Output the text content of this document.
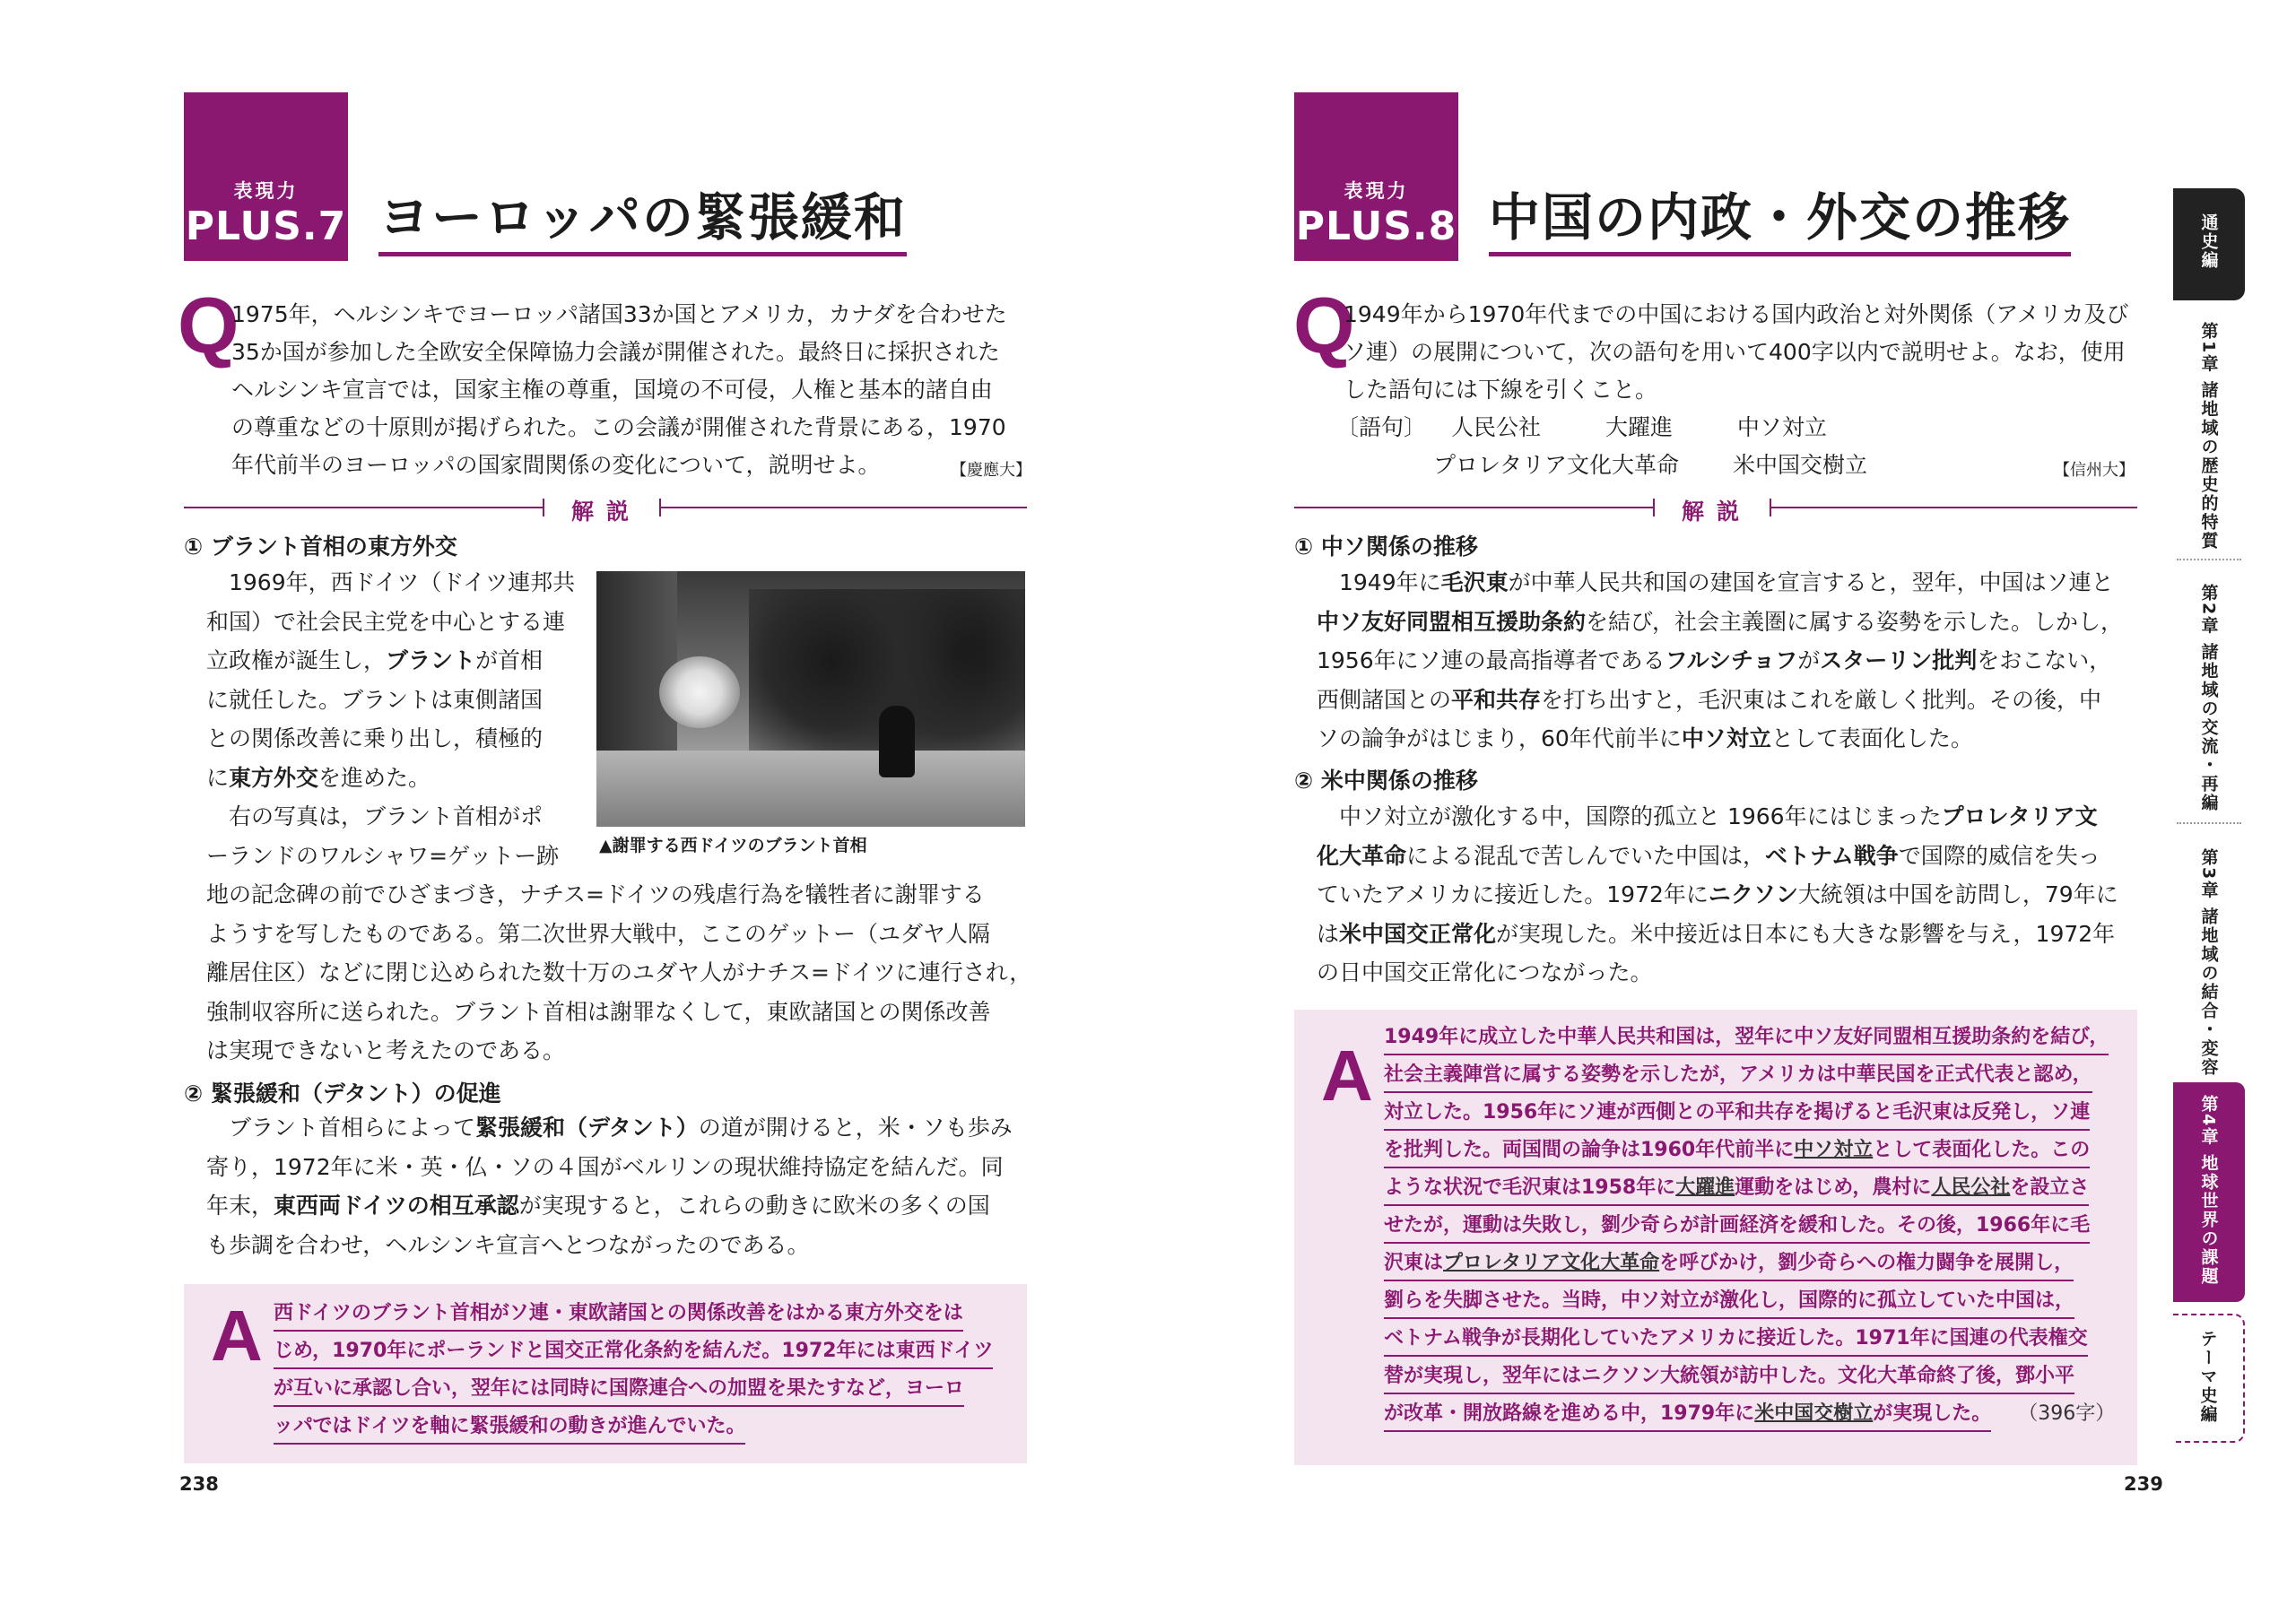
表現力
PLUS.7 ヨーロッパの緊張緩和
Q
1975年，ヘルシンキでヨーロッパ諸国33か国とアメリカ，カナダを合わせた
35か国が参加した全欧安全保障協力会議が開催された。最終日に採択された
ヘルシンキ宣言では，国家主権の尊重，国境の不可侵，人権と基本的諸自由
の尊重などの十原則が掲げられた。この会議が開催された背景にある，1970
年代前半のヨーロッパの国家間関係の変化について，説明せよ。	【慶應大】
解説
① ブラント首相の東方外交
1969年，西ドイツ（ドイツ連邦共
和国）で社会民主党を中心とする連
立政権が誕生し，ブラントが首相
に就任した。ブラントは東側諸国
との関係改善に乗り出し，積極的
に東方外交を進めた。
右の写真は，ブラント首相がポ
ーランドのワルシャワ=ゲットー跡
地の記念碑の前でひざまづき，ナチス=ドイツの残虐行為を犠牲者に謝罪する
ようすを写したものである。第二次世界大戦中，ここのゲットー（ユダヤ人隔
離居住区）などに閉じ込められた数十万のユダヤ人がナチス=ドイツに連行され，
強制収容所に送られた。ブラント首相は謝罪なくして，東欧諸国との関係改善
は実現できないと考えたのである。
▲謝罪する西ドイツのブラント首相
② 緊張緩和（デタント）の促進
ブラント首相らによって緊張緩和（デタント）の道が開けると，米・ソも歩み
寄り，1972年に米・英・仏・ソの４国がベルリンの現状維持協定を結んだ。同
年末，東西両ドイツの相互承認が実現すると，これらの動きに欧米の多くの国
も歩調を合わせ，ヘルシンキ宣言へとつながったのである。
A 西ドイツのブラント首相がソ連・東欧諸国との関係改善をはかる東方外交をは
じめ，1970年にポーランドと国交正常化条約を結んだ。1972年には東西ドイツ
が互いに承認し合い，翌年には同時に国際連合への加盟を果たすなど，ヨーロ
ッパではドイツを軸に緊張緩和の動きが進んでいた。
238
表現力
PLUS.8 中国の内政・外交の推移
Q
1949年から1970年代までの中国における国内政治と対外関係（アメリカ及び
ソ連）の展開について，次の語句を用いて400字以内で説明せよ。なお，使用
した語句には下線を引くこと。
〔語句〕 人民公社	大躍進	中ソ対立
プロレタリア文化大革命 米中国交樹立	【信州大】
解説
① 中ソ関係の推移
1949年に毛沢東が中華人民共和国の建国を宣言すると，翌年，中国はソ連と
中ソ友好同盟相互援助条約を結び，社会主義圏に属する姿勢を示した。しかし，
1956年にソ連の最高指導者であるフルシチョフがスターリン批判をおこない，
西側諸国との平和共存を打ち出すと，毛沢東はこれを厳しく批判。その後，中
ソの論争がはじまり，60年代前半に中ソ対立として表面化した。
② 米中関係の推移
中ソ対立が激化する中，国際的孤立と 1966年にはじまったプロレタリア文
化大革命による混乱で苦しんでいた中国は，ベトナム戦争で国際的威信を失っ
ていたアメリカに接近した。1972年にニクソン大統領は中国を訪問し，79年に
は米中国交正常化が実現した。米中接近は日本にも大きな影響を与え，1972年
の日中国交正常化につながった。
A 1949年に成立した中華人民共和国は，翌年に中ソ友好同盟相互援助条約を結び，
社会主義陣営に属する姿勢を示したが，アメリカは中華民国を正式代表と認め，
対立した。1956年にソ連が西側との平和共存を掲げると毛沢東は反発し，ソ連
を批判した。両国間の論争は1960年代前半に中ソ対立として表面化した。この
ような状況で毛沢東は1958年に大躍進運動をはじめ，農村に人民公社を設立さ
せたが，運動は失敗し，劉少奇らが計画経済を緩和した。その後，1966年に毛
沢東はプロレタリア文化大革命を呼びかけ，劉少奇らへの権力闘争を展開し，
劉らを失脚させた。当時，中ソ対立が激化し，国際的に孤立していた中国は，
ベトナム戦争が長期化していたアメリカに接近した。1971年に国連の代表権交
替が実現し，翌年にはニクソン大統領が訪中した。文化大革命終了後，鄧小平
が改革・開放路線を進める中，1979年に米中国交樹立が実現した。 （396字）
239
通史編
第1章 諸地域の歴史的特質
第2章 諸地域の交流・再編
第3章 諸地域の結合・変容
第4章 地球世界の課題
テーマ史編
